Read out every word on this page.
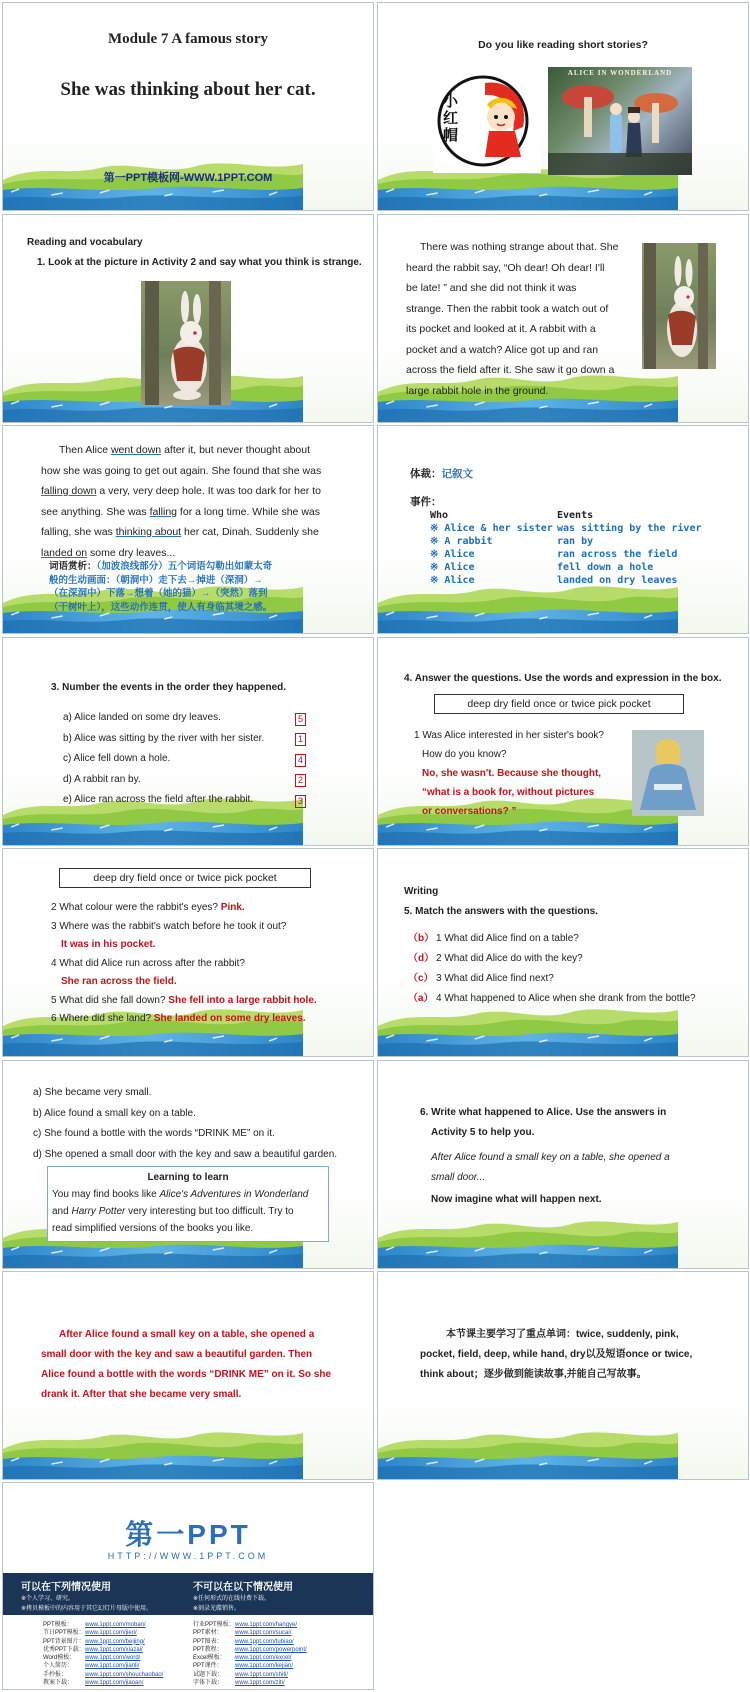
Module 7 A famous story
She was thinking about her cat.
第一PPT模板网-WWW.1PPT.COM
Do you like reading short stories?
小红帽
ALICE IN WONDERLAND
Reading and vocabulary
1. Look at the picture in Activity 2 and say what you think is strange.
There was nothing strange about that. She
heard the rabbit say, “Oh dear! Oh dear! I'll
be late! ” and she did not think it was
strange. Then the rabbit took a watch out of
its pocket and looked at it. A rabbit with a
pocket and a watch? Alice got up and ran
across the field after it. She saw it go down a
large rabbit hole in the ground.
Then Alice went down after it, but never thought about
how she was going to get out again. She found that she was
falling down a very, very deep hole. It was too dark for her to
see anything. She was falling for a long time. While she was
falling, she was thinking about her cat, Dinah. Suddenly she
landed on some dry leaves...
词语赏析：（加波浪线部分）五个词语勾勒出如蒙太奇
般的生动画面：（朝洞中）走下去→掉进（深洞）→
（在深洞中）下落→想着（她的猫）→（突然）落到
（干树叶上），这些动作连贯，使人有身临其境之感。
体裁：记叙文
事件：
Who	Events
※ Alice & her sister was sitting by the river
※ A rabbit	ran by
※ Alice	ran across the field
※ Alice	fell down a hole
※ Alice	landed on dry leaves
3. Number the events in the order they happened.
a) Alice landed on some dry leaves.
b) Alice was sitting by the river with her sister.
c) Alice fell down a hole.
d) A rabbit ran by.
e) Alice ran across the field after the rabbit.
5
1
4
2
3
4. Answer the questions. Use the words and expression in the box.
deep dry field once or twice pick pocket
1 Was Alice interested in her sister's book?
How do you know?
No, she wasn't. Because she thought,
“what is a book for, without pictures
or conversations? ”
deep dry field once or twice pick pocket
2 What colour were the rabbit's eyes? Pink.
3 Where was the rabbit's watch before he took it out?
It was in his pocket.
4 What did Alice run across after the rabbit?
She ran across the field.
5 What did she fall down? She fell into a large rabbit hole.
6 Where did she land? She landed on some dry leaves.
Writing
5. Match the answers with the questions.
（b） 1 What did Alice find on a table?
（d） 2 What did Alice do with the key?
（c） 3 What did Alice find next?
（a） 4 What happened to Alice when she drank from the bottle?
a) She became very small.
b) Alice found a small key on a table.
c) She found a bottle with the words “DRINK ME” on it.
d) She opened a small door with the key and saw a beautiful garden.
Learning to learn
You may find books like Alice's Adventures in Wonderland
and Harry Potter very interesting but too difficult. Try to
read simplified versions of the books you like.
6. Write what happened to Alice. Use the answers in
Activity 5 to help you.
After Alice found a small key on a table, she opened a
small door...
Now imagine what will happen next.
After Alice found a small key on a table, she opened a
small door with the key and saw a beautiful garden. Then
Alice found a bottle with the words “DRINK ME” on it. So she
drank it. After that she became very small.
本节课主要学习了重点单词：twice, suddenly, pink,
pocket, field, deep, while hand, dry以及短语once or twice,
think about；逐步做到能读故事,并能自己写故事。
第一PPT
HTTP://WWW.1PPT.COM
可以在下列情况使用
※个人学习、研究。
※拷贝模板中的内容用于其它幻灯片母版中使用。
不可以在以下情况使用
※任何形式的在线付费下载。
※刻录光碟销售。
PPT模板： www.1ppt.com/moban/
节日PPT模板：www.1ppt.com/jieri/
PPT背景图片：www.1ppt.com/beijing/
优秀PPT下载：www.1ppt.com/xiazai/
Word模板： www.1ppt.com/word/
个人简历： www.1ppt.com/jianli/
手抄报：	www.1ppt.com/shouchaobao/
教案下载： www.1ppt.com/jiaoan/
行业PPT模板：www.1ppt.com/hangye/
PPT素材： www.1ppt.com/sucai/
PPT图表： www.1ppt.com/tubiao/
PPT教程： www.1ppt.com/powerpoint/
Excel模板： www.1ppt.com/excel/
PPT课件： www.1ppt.com/kejian/
试题下载： www.1ppt.com/shiti/
字体下载： www.1ppt.com/ziti/
